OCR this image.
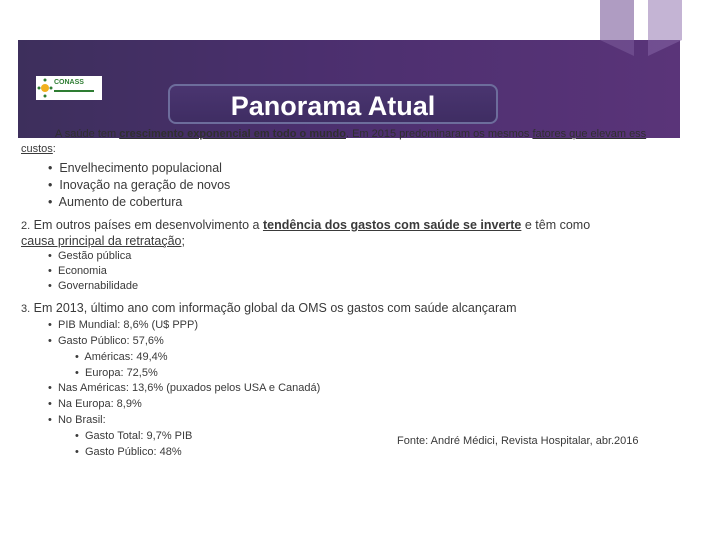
CONASS
Panorama Atual
A saúde tem crescimento exponencial em todo o mundo. Em 2015 predominaram os mesmos fatores que elevam ess
custos:
• Envelhecimento populacional
• Inovação na geração de novos
• Aumento de cobertura
2. Em outros países em desenvolvimento a tendência dos gastos com saúde se inverte e têm como
causa principal da retratação;
• Gestão pública
• Economia
• Governabilidade
3. Em 2013, último ano com informação global da OMS os gastos com saúde alcançaram
• PIB Mundial: 8,6% (U$ PPP)
• Gasto Público: 57,6%
• Américas: 49,4%
• Europa: 72,5%
• Nas Américas: 13,6% (puxados pelos USA e Canadá)
• Na Europa: 8,9%
• No Brasil:
• Gasto Total: 9,7% PIB
• Gasto Público: 48%
Fonte: André Médici, Revista Hospitalar, abr.2016
